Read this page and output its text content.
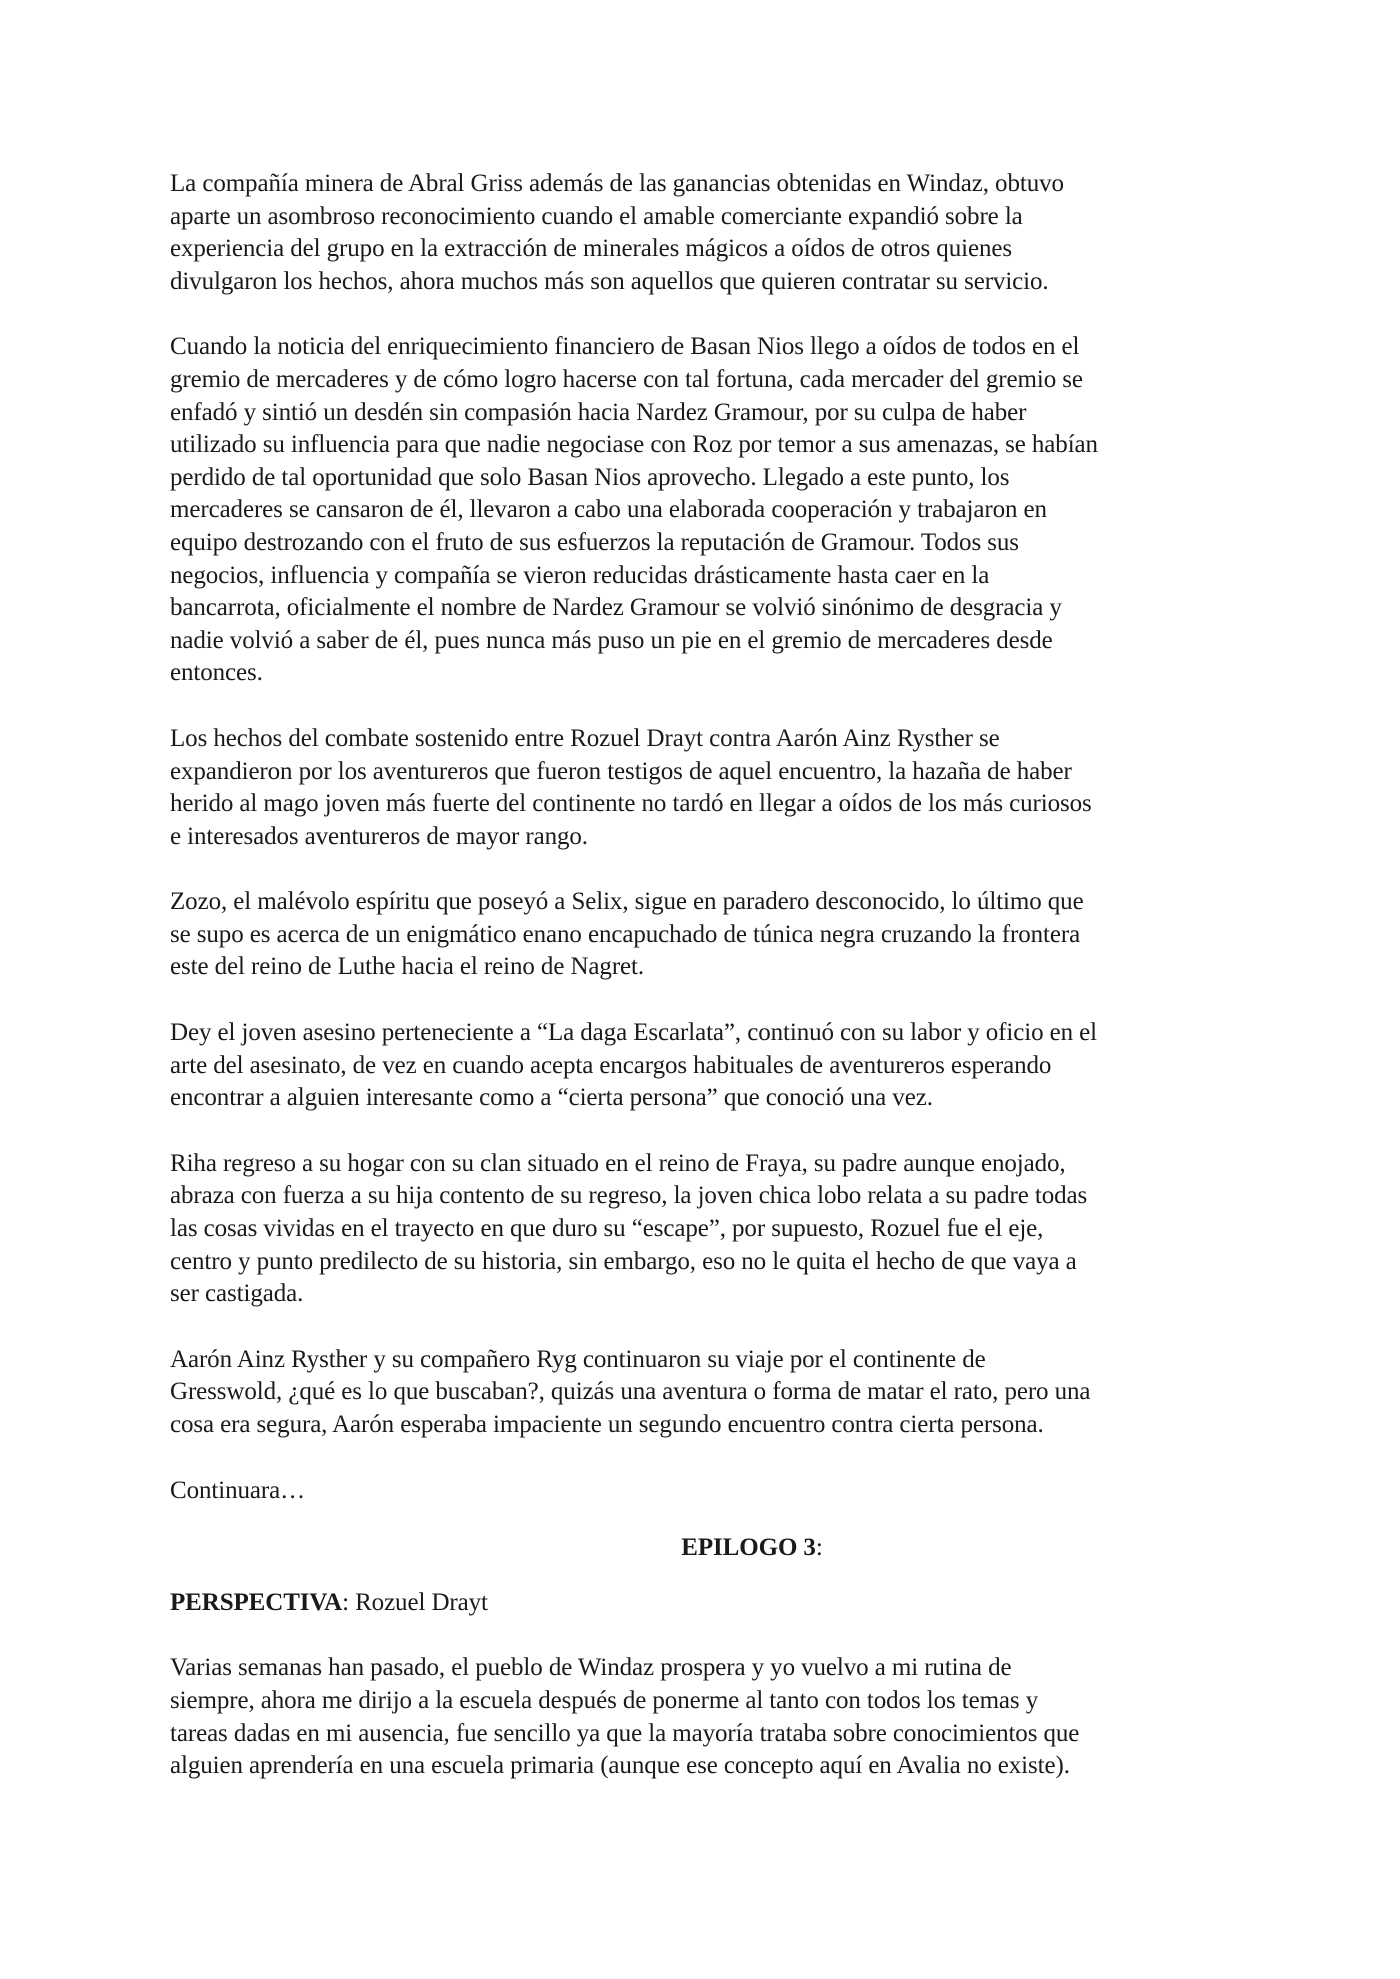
La compañía minera de Abral Griss además de las ganancias obtenidas en Windaz, obtuvo
aparte un asombroso reconocimiento cuando el amable comerciante expandió sobre la
experiencia del grupo en la extracción de minerales mágicos a oídos de otros quienes
divulgaron los hechos, ahora muchos más son aquellos que quieren contratar su servicio.
Cuando la noticia del enriquecimiento financiero de Basan Nios llego a oídos de todos en el
gremio de mercaderes y de cómo logro hacerse con tal fortuna, cada mercader del gremio se
enfadó y sintió un desdén sin compasión hacia Nardez Gramour, por su culpa de haber
utilizado su influencia para que nadie negociase con Roz por temor a sus amenazas, se habían
perdido de tal oportunidad que solo Basan Nios aprovecho. Llegado a este punto, los
mercaderes se cansaron de él, llevaron a cabo una elaborada cooperación y trabajaron en
equipo destrozando con el fruto de sus esfuerzos la reputación de Gramour. Todos sus
negocios, influencia y compañía se vieron reducidas drásticamente hasta caer en la
bancarrota, oficialmente el nombre de Nardez Gramour se volvió sinónimo de desgracia y
nadie volvió a saber de él, pues nunca más puso un pie en el gremio de mercaderes desde
entonces.
Los hechos del combate sostenido entre Rozuel Drayt contra Aarón Ainz Rysther se
expandieron por los aventureros que fueron testigos de aquel encuentro, la hazaña de haber
herido al mago joven más fuerte del continente no tardó en llegar a oídos de los más curiosos
e interesados aventureros de mayor rango.
Zozo, el malévolo espíritu que poseyó a Selix, sigue en paradero desconocido, lo último que
se supo es acerca de un enigmático enano encapuchado de túnica negra cruzando la frontera
este del reino de Luthe hacia el reino de Nagret.
Dey el joven asesino perteneciente a “La daga Escarlata”, continuó con su labor y oficio en el
arte del asesinato, de vez en cuando acepta encargos habituales de aventureros esperando
encontrar a alguien interesante como a “cierta persona” que conoció una vez.
Riha regreso a su hogar con su clan situado en el reino de Fraya, su padre aunque enojado,
abraza con fuerza a su hija contento de su regreso, la joven chica lobo relata a su padre todas
las cosas vividas en el trayecto en que duro su “escape”, por supuesto, Rozuel fue el eje,
centro y punto predilecto de su historia, sin embargo, eso no le quita el hecho de que vaya a
ser castigada.
Aarón Ainz Rysther y su compañero Ryg continuaron su viaje por el continente de
Gresswold, ¿qué es lo que buscaban?, quizás una aventura o forma de matar el rato, pero una
cosa era segura, Aarón esperaba impaciente un segundo encuentro contra cierta persona.
Continuara…
EPILOGO 3:
PERSPECTIVA: Rozuel Drayt
Varias semanas han pasado, el pueblo de Windaz prospera y yo vuelvo a mi rutina de
siempre, ahora me dirijo a la escuela después de ponerme al tanto con todos los temas y
tareas dadas en mi ausencia, fue sencillo ya que la mayoría trataba sobre conocimientos que
alguien aprendería en una escuela primaria (aunque ese concepto aquí en Avalia no existe).
